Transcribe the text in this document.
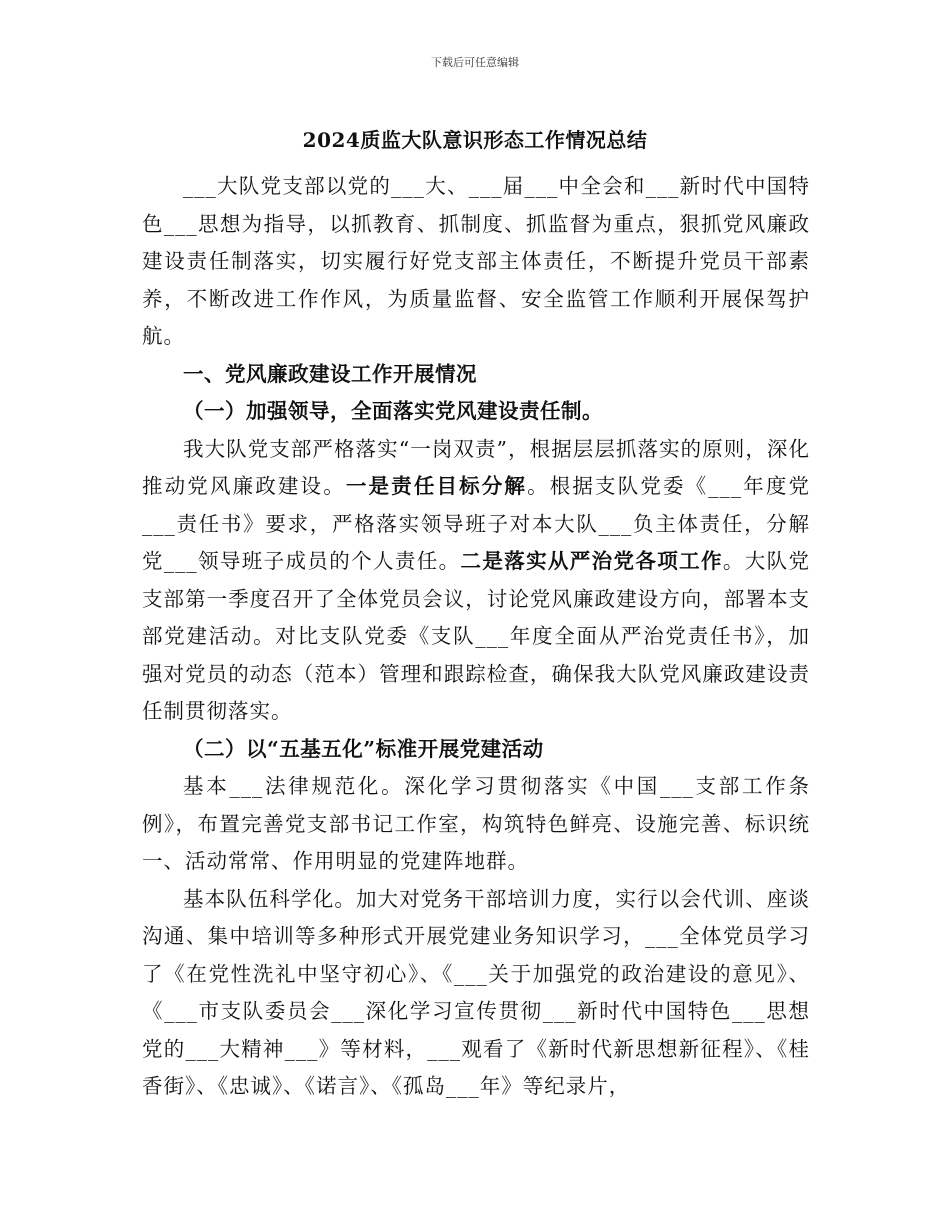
下载后可任意编辑
2024质监大队意识形态工作情况总结

___大队党支部以党的___大、___届___中全会和___新时代中国特色___思想为指导，以抓教育、抓制度、抓监督为重点，狠抓党风廉政建设责任制落实，切实履行好党支部主体责任，不断提升党员干部素养，不断改进工作作风，为质量监督、安全监管工作顺利开展保驾护航。

一、党风廉政建设工作开展情况

（一）加强领导，全面落实党风建设责任制。

我大队党支部严格落实“一岗双责”，根据层层抓落实的原则，深化推动党风廉政建设。一是责任目标分解。根据支队党委《___年度党___责任书》要求，严格落实领导班子对本大队___负主体责任，分解党___领导班子成员的个人责任。二是落实从严治党各项工作。大队党支部第一季度召开了全体党员会议，讨论党风廉政建设方向，部署本支部党建活动。对比支队党委《支队___年度全面从严治党责任书》，加强对党员的动态（范本）管理和跟踪检查，确保我大队党风廉政建设责任制贯彻落实。

（二）以“五基五化”标准开展党建活动

基本___法律规范化。深化学习贯彻落实《中国___支部工作条例》，布置完善党支部书记工作室，构筑特色鲜亮、设施完善、标识统一、活动常常、作用明显的党建阵地群。

基本队伍科学化。加大对党务干部培训力度，实行以会代训、座谈沟通、集中培训等多种形式开展党建业务知识学习，___全体党员学习了《在党性洗礼中坚守初心》、《___关于加强党的政治建设的意见》、《___市支队委员会___深化学习宣传贯彻___新时代中国特色___思想党的___大精神___》等材料，___观看了《新时代新思想新征程》、《桂香街》、《忠诚》、《诺言》、《孤岛___年》等纪录片，
